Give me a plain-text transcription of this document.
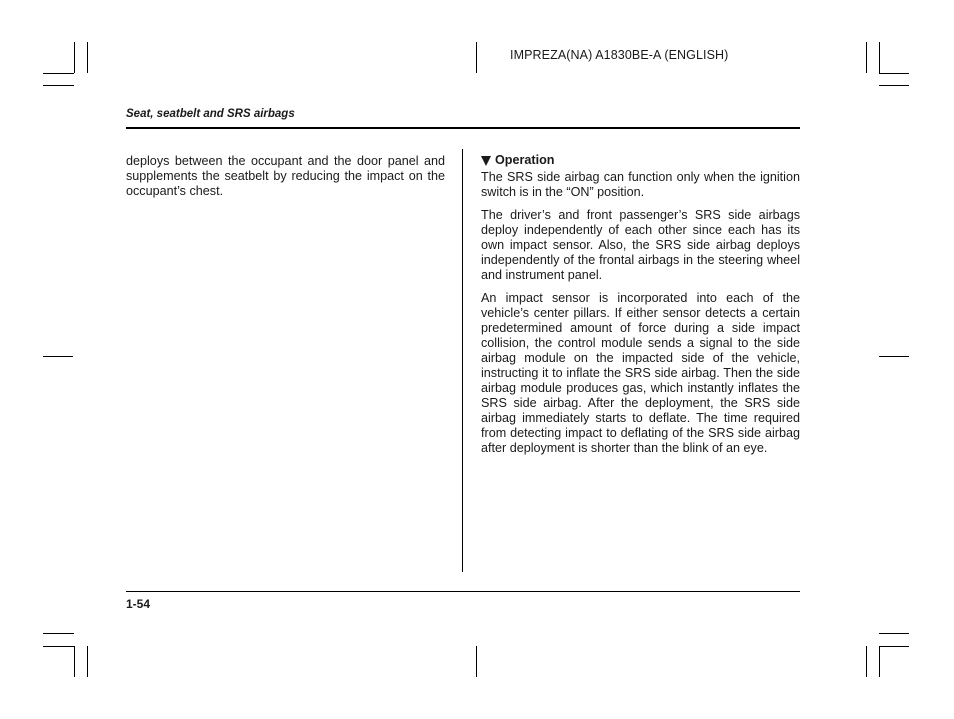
IMPREZA(NA) A1830BE-A (ENGLISH)
Seat, seatbelt and SRS airbags

deploys between the occupant and the door panel and supplements the seatbelt by reducing the impact on the occupant’s chest.

Operation

The SRS side airbag can function only when the ignition switch is in the “ON” position.

The driver’s and front passenger’s SRS side airbags deploy independently of each other since each has its own impact sensor. Also, the SRS side airbag deploys independently of the frontal airbags in the steering wheel and instrument panel.

An impact sensor is incorporated into each of the vehicle’s center pillars. If either sensor detects a certain predetermined amount of force during a side impact collision, the control module sends a signal to the side airbag module on the impacted side of the vehicle, instructing it to inflate the SRS side airbag. Then the side airbag module produces gas, which instantly inflates the SRS side airbag. After the deployment, the SRS side airbag immediately starts to deflate. The time required from detecting impact to deflating of the SRS side airbag after deployment is shorter than the blink of an eye.

1-54
